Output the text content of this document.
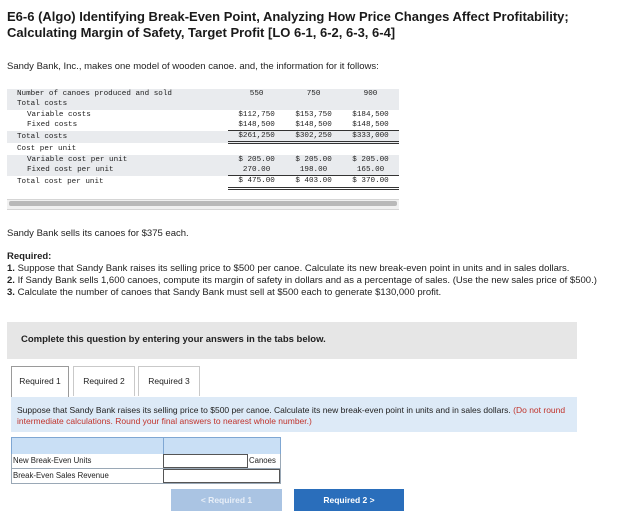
E6-6 (Algo) Identifying Break-Even Point, Analyzing How Price Changes Affect Profitability; Calculating Margin of Safety, Target Profit [LO 6-1, 6-2, 6-3, 6-4]
Sandy Bank, Inc., makes one model of wooden canoe. and, the information for it follows:
Number of canoes produced and sold	550	750	900
Total costs			
Variable costs	$112,750	$153,750	$184,500
Fixed costs	$148,500	$148,500	$148,500
Total costs	$261,250	$302,250	$333,000
Cost per unit			
Variable cost per unit	$ 205.00	$ 205.00	$ 205.00
Fixed cost per unit	270.00	198.00	165.00
Total cost per unit	$ 475.00	$ 403.00	$ 370.00
Sandy Bank sells its canoes for $375 each.
Required:
1. Suppose that Sandy Bank raises its selling price to $500 per canoe. Calculate its new break-even point in units and in sales dollars.
2. If Sandy Bank sells 1,600 canoes, compute its margin of safety in dollars and as a percentage of sales. (Use the new sales price of $500.)
3. Calculate the number of canoes that Sandy Bank must sell at $500 each to generate $130,000 profit.
Complete this question by entering your answers in the tabs below.
Required 1	Required 2	Required 3
Suppose that Sandy Bank raises its selling price to $500 per canoe. Calculate its new break-even point in units and in sales dollars. (Do not round intermediate calculations. Round your final answers to nearest whole number.)
New Break-Even Units	Canoes
Break-Even Sales Revenue
< Required 1	Required 2 >
